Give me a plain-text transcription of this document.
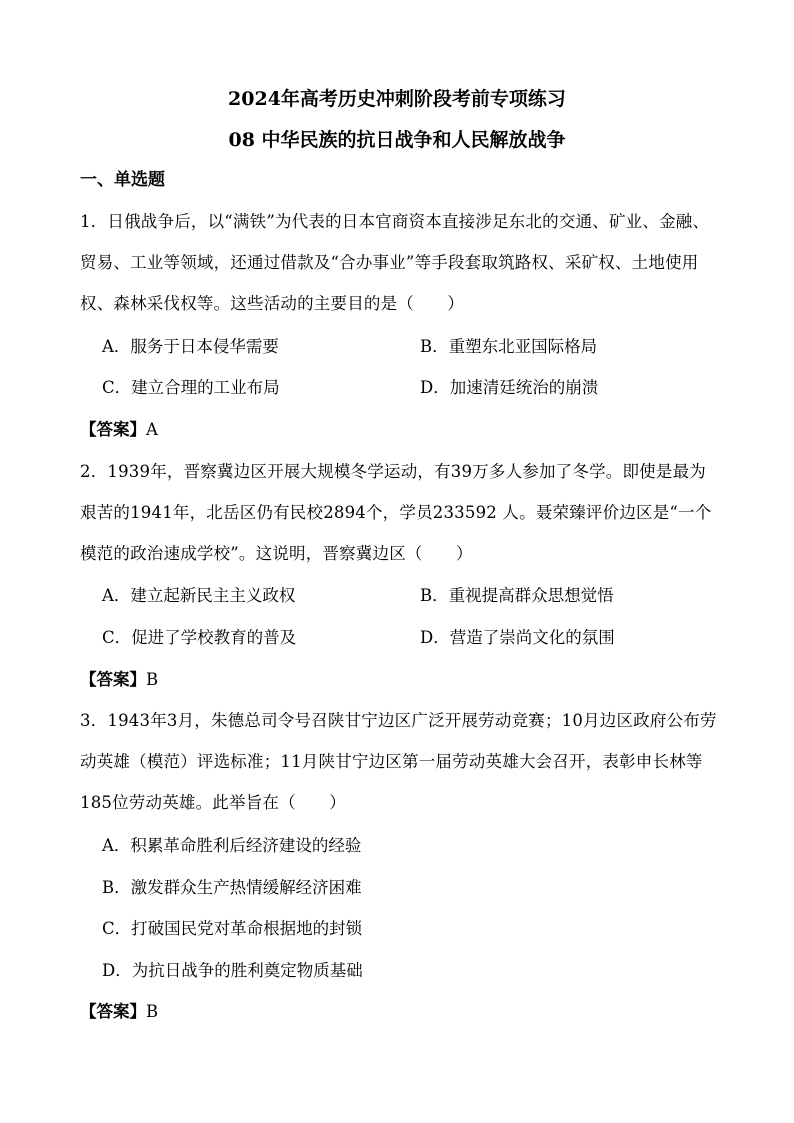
2024年高考历史冲刺阶段考前专项练习
08 中华民族的抗日战争和人民解放战争
一、单选题
1．日俄战争后，以“满铁”为代表的日本官商资本直接涉足东北的交通、矿业、金融、贸易、工业等领域，还通过借款及“合办事业”等手段套取筑路权、采矿权、土地使用权、森林采伐权等。这些活动的主要目的是（　　）
A．服务于日本侵华需要	B．重塑东北亚国际格局
C．建立合理的工业布局	D．加速清廷统治的崩溃
【答案】A
2．1939年，晋察冀边区开展大规模冬学运动，有39万多人参加了冬学。即使是最为艰苦的1941年，北岳区仍有民校2894个，学员233592 人。聂荣臻评价边区是“一个模范的政治速成学校”。这说明，晋察冀边区（　　）
A．建立起新民主主义政权	B．重视提高群众思想觉悟
C．促进了学校教育的普及	D．营造了崇尚文化的氛围
【答案】B
3．1943年3月，朱德总司令号召陕甘宁边区广泛开展劳动竞赛；10月边区政府公布劳动英雄（模范）评选标准；11月陕甘宁边区第一届劳动英雄大会召开，表彰申长林等185位劳动英雄。此举旨在（　　）
A．积累革命胜利后经济建设的经验
B．激发群众生产热情缓解经济困难
C．打破国民党对革命根据地的封锁
D．为抗日战争的胜利奠定物质基础
【答案】B
